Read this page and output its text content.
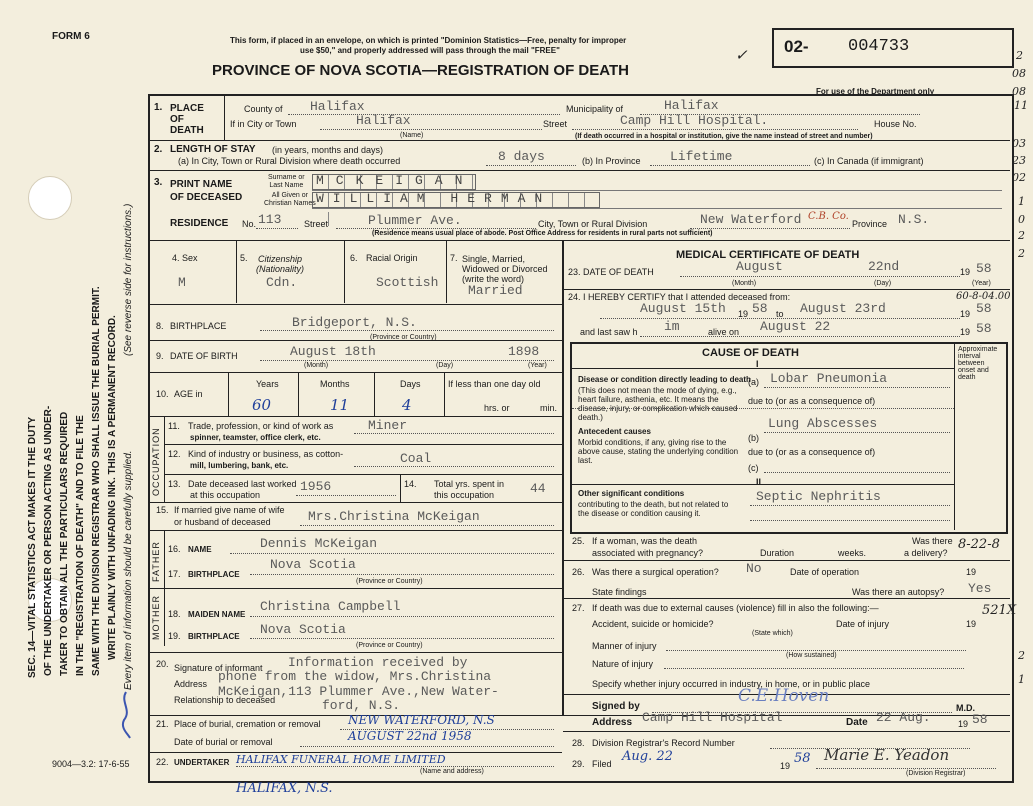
FORM 6
SEC. 14—VITAL STATISTICS ACT MAKES IT THE DUTY OF THE UNDERTAKER OR PERSON ACTING AS UNDER- TAKER TO OBTAIN ALL THE PARTICULARS REQUIRED IN THE "REGISTRATION OF DEATH" AND TO FILE THE SAME WITH THE DIVISION REGISTRAR WHO SHALL ISSUE THE BURIAL PERMIT. WRITE PLAINLY WITH UNFADING INK. THIS IS A PERMANENT RECORD. Every item of information should be carefully supplied.
(See reverse side for instructions.)
This form, if placed in an envelope, on which is printed "Dominion Statistics—Free, penalty for improper
use $50," and properly addressed will pass through the mail "FREE"
PROVINCE OF NOVA SCOTIA—REGISTRATION OF DEATH
02- 004733
For use of the Department only
✓
1. PLACE
OF
DEATH
County of Halifax	Municipality of	Halifax
If in City or Town	Halifax
(Name)
Street	Camp Hill Hospital.	House No.
(If death occurred in a hospital or institution, give the name instead of street and number)
2. LENGTH OF STAY (in years, months and days)
(a) In City, Town or Rural Division where death occurred	8 days	(b) In Province Lifetime	(c) In Canada (if immigrant)
3. PRINT NAME
OF DECEASED
Surname or
Last Name MCKEIGAN
All Given or
Christian Names WILLIAM HERMAN
RESIDENCE No. 113	Street	Plummer Ave.	City, Town or Rural Division	New Waterford C.B. Co.
Province N.S.
(Residence means usual place of abode. Post Office Address for residents in rural parts not sufficient)
4. Sex
M
5. Citizenship
(Nationality)
Cdn.
6. Racial Origin
Scottish
7. Single, Married,
Widowed or Divorced
(write the word)
Married
8. BIRTHPLACE	Bridgeport, N.S.
(Province or Country)
9. DATE OF BIRTH	August 18th	1898
(Month)	(Day)	(Year)
10. AGE in
Years
60
Months
11
Days
4
If less than one day old
hrs. or	min.
OCCUPATION
11. Trade, profession, or kind of work as
spinner, teamster, office clerk, etc.
Miner
12. Kind of industry or business, as cotton-
mill, lumbering, bank, etc.	Coal
13. Date deceased last worked
at this occupation
1956	14. Total yrs. spent in
this occupation	44
15. If married give name of wife
or husband of deceased	Mrs.Christina McKeigan
FATHER 16. NAME	Dennis McKeigan
17. BIRTHPLACE
Nova Scotia
(Province or Country)
MOTHER 18. MAIDEN NAME
Christina Campbell
19. BIRTHPLACE Nova Scotia
(Province or Country)
20. Signature of informant
Address
Relationship to deceased
Information received by
phone from the widow, Mrs.Christina
McKeigan,113 Plummer Ave.,New Water-
ford, N.S.
21. Place of burial, cremation or removal NEW WATERFORD, N.S
Date of burial or removal	AUGUST 22nd 1958
22. UNDERTAKER HALIFAX FUNERAL HOME LIMITED
(Name and address)
HALIFAX, N.S.
9004—3.2: 17-6-55
MEDICAL CERTIFICATE OF DEATH
23. DATE OF DEATH	August	22nd	19 58
(Month)	(Day)	(Year)
24. I HEREBY CERTIFY that I attended deceased from:
August 15th 19 58 to August 23rd	19 58
and last saw h im	alive on August 22	19 58
CAUSE OF DEATH	Approximate interval between onset and death
I
Disease or condition directly leading to death
(This does not mean the mode of dying, e.g., heart failure, asthenia, etc. It means the disease, injury, or complication which caused death.)
(a) Lobar Pneumonia
due to (or as a consequence of)
Antecedent causes
Morbid conditions, if any, giving rise to the above cause, stating the underlying condition last.
(b)
Lung Abscesses
due to (or as a consequence of)
(c)
II
Other significant conditions
contributing to the death, but not related to the disease or condition causing it.
Septic Nephritis
25. If a woman, was the death
associated with pregnancy?	Duration	weeks.
Was there
a delivery?
26. Was there a surgical operation? No	Date of operation	19
State findings	Was there an autopsy? Yes
27. If death was due to external causes (violence) fill in also the following:—
Accident, suicide or homicide?	Date of injury	19
(State which)
Manner of injury
(How sustained)
Nature of injury
Specify whether injury occurred in industry, in home, or in public place
Signed by
C.E.Hoven
M.D.
Address Camp Hill Hospital	Date 22 Aug.	19 58
28. Division Registrar's Record Number
29. Filed Aug. 22
19 58 Marie E. Yeadon
(Division Registrar)
2
08
08
11
03
23
02
1
0
2
2
2
1
60-8-04.00
8-22-8
521X
